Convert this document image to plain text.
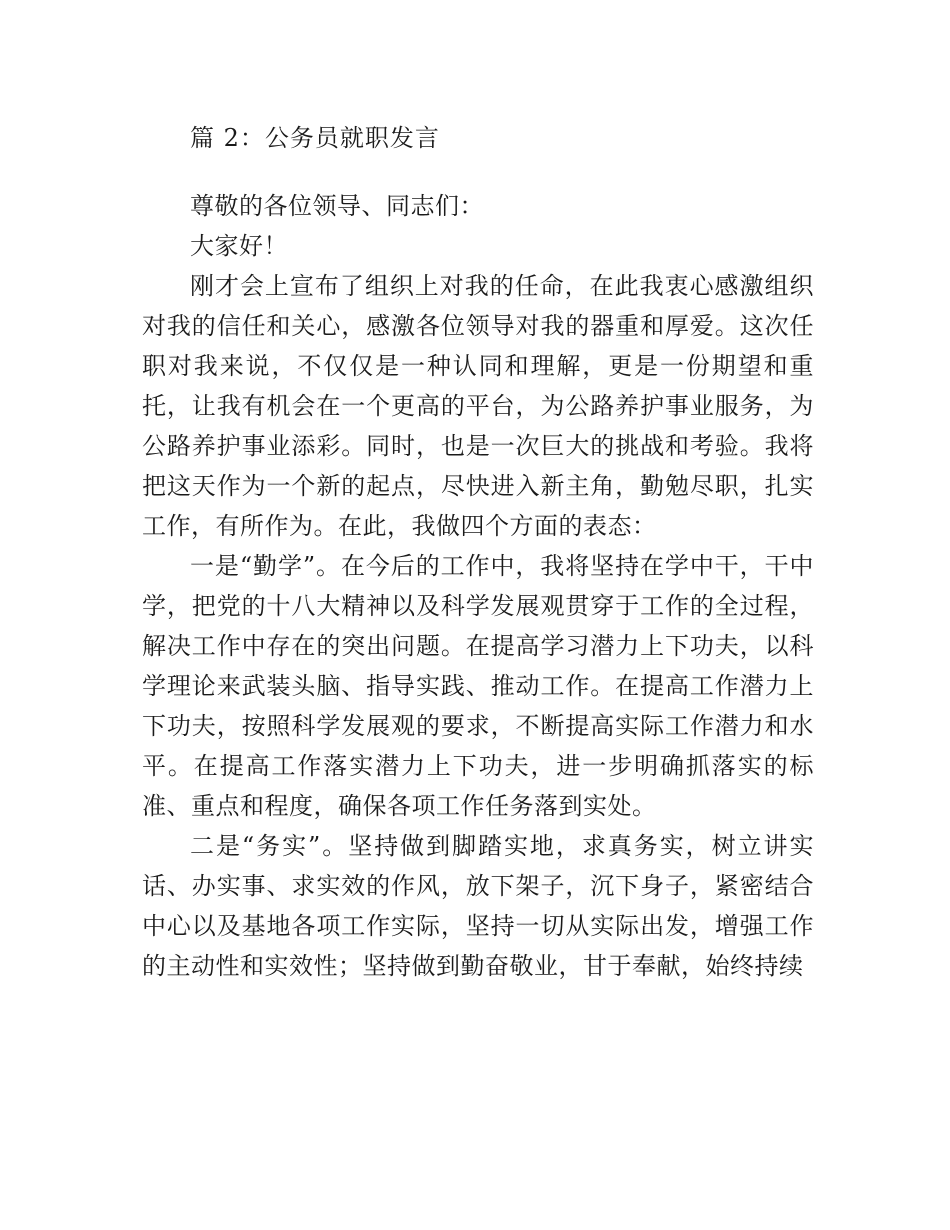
篇 2：公务员就职发言

尊敬的各位领导、同志们：

大家好！

刚才会上宣布了组织上对我的任命，在此我衷心感激组织对我的信任和关心，感激各位领导对我的器重和厚爱。这次任职对我来说，不仅仅是一种认同和理解，更是一份期望和重托，让我有机会在一个更高的平台，为公路养护事业服务，为公路养护事业添彩。同时，也是一次巨大的挑战和考验。我将把这天作为一个新的起点，尽快进入新主角，勤勉尽职，扎实工作，有所作为。在此，我做四个方面的表态：

一是“勤学”。在今后的工作中，我将坚持在学中干，干中学，把党的十八大精神以及科学发展观贯穿于工作的全过程，解决工作中存在的突出问题。在提高学习潜力上下功夫，以科学理论来武装头脑、指导实践、推动工作。在提高工作潜力上下功夫，按照科学发展观的要求，不断提高实际工作潜力和水平。在提高工作落实潜力上下功夫，进一步明确抓落实的标准、重点和程度，确保各项工作任务落到实处。

二是“务实”。坚持做到脚踏实地，求真务实，树立讲实话、办实事、求实效的作风，放下架子，沉下身子，紧密结合中心以及基地各项工作实际，坚持一切从实际出发，增强工作的主动性和实效性；坚持做到勤奋敬业，甘于奉献，始终持续
